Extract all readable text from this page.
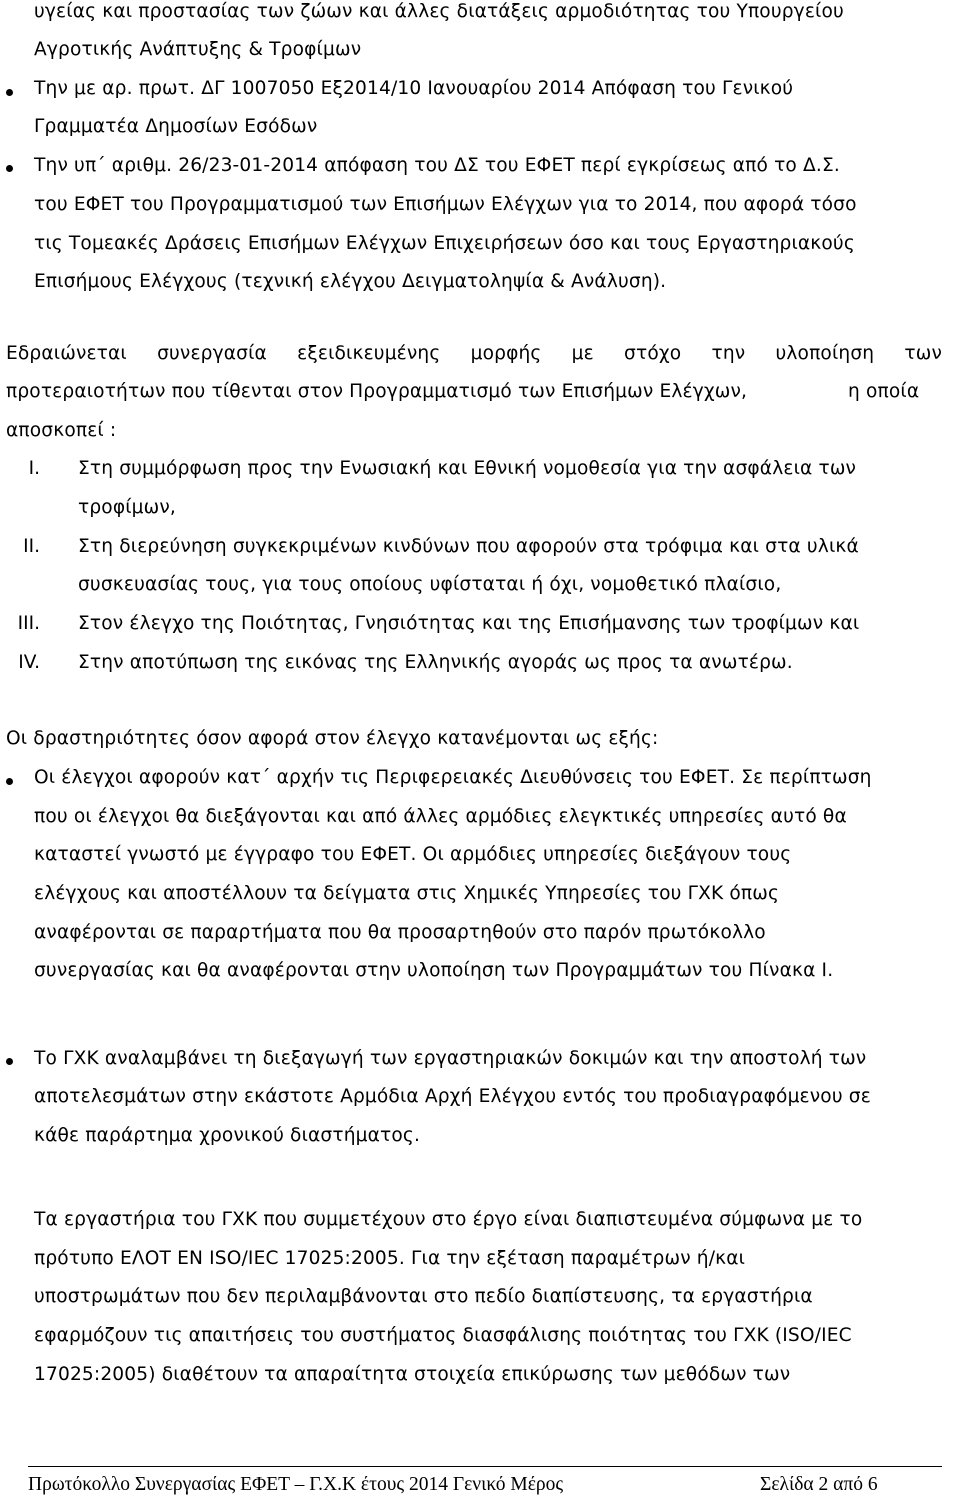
υγείας και προστασίας των ζώων και άλλες διατάξεις αρμοδιότητας του Υπουργείου
Αγροτικής Ανάπτυξης & Τροφίμων
Την με αρ. πρωτ. ΔΓ 1007050 Εξ2014/10 Ιανουαρίου 2014 Απόφαση του Γενικού
Γραμματέα Δημοσίων Εσόδων
Την υπ΄ αριθμ. 26/23-01-2014 απόφαση του ΔΣ του ΕΦΕΤ περί εγκρίσεως από το Δ.Σ.
του ΕΦΕΤ του Προγραμματισμού των Επισήμων Ελέγχων για το 2014, που αφορά τόσο
τις Τομεακές Δράσεις Επισήμων Ελέγχων Επιχειρήσεων όσο και τους Εργαστηριακούς
Επισήμους Ελέγχους (τεχνική ελέγχου Δειγματοληψία & Ανάλυση).
Εδραιώνεται συνεργασία εξειδικευμένης μορφής με στόχο την υλοποίηση των
προτεραιοτήτων που τίθενται στον Προγραμματισμό των Επισήμων Ελέγχων,	η οποία
αποσκοπεί :
I. Στη συμμόρφωση προς την Ενωσιακή και Εθνική νομοθεσία για την ασφάλεια των
τροφίμων,
II. Στη διερεύνηση συγκεκριμένων κινδύνων που αφορούν στα τρόφιμα και στα υλικά
συσκευασίας τους, για τους οποίους υφίσταται ή όχι, νομοθετικό πλαίσιο,
III. Στον έλεγχο της Ποιότητας, Γνησιότητας και της Επισήμανσης των τροφίμων και
IV. Στην αποτύπωση της εικόνας της Ελληνικής αγοράς ως προς τα ανωτέρω.
Οι δραστηριότητες όσον αφορά στον έλεγχο κατανέμονται ως εξής:
Οι έλεγχοι αφορούν κατ΄ αρχήν τις Περιφερειακές Διευθύνσεις του ΕΦΕΤ. Σε περίπτωση
που οι έλεγχοι θα διεξάγονται και από άλλες αρμόδιες ελεγκτικές υπηρεσίες αυτό θα
καταστεί γνωστό με έγγραφο του ΕΦΕΤ. Οι αρμόδιες υπηρεσίες διεξάγουν τους
ελέγχους και αποστέλλουν τα δείγματα στις Χημικές Υπηρεσίες του ΓΧΚ όπως
αναφέρονται σε παραρτήματα που θα προσαρτηθούν στο παρόν πρωτόκολλο
συνεργασίας και θα αναφέρονται στην υλοποίηση των Προγραμμάτων του Πίνακα Ι.
Το ΓΧΚ αναλαμβάνει τη διεξαγωγή των εργαστηριακών δοκιμών και την αποστολή των
αποτελεσμάτων στην εκάστοτε Αρμόδια Αρχή Ελέγχου εντός του προδιαγραφόμενου σε
κάθε παράρτημα χρονικού διαστήματος.
Τα εργαστήρια του ΓΧΚ που συμμετέχουν στο έργο είναι διαπιστευμένα σύμφωνα με το
πρότυπο ΕΛΟΤ EN ISO/IEC 17025:2005. Για την εξέταση παραμέτρων ή/και
υποστρωμάτων που δεν περιλαμβάνονται στο πεδίο διαπίστευσης, τα εργαστήρια
εφαρμόζουν τις απαιτήσεις του συστήματος διασφάλισης ποιότητας του ΓΧΚ (ISO/IEC
17025:2005) διαθέτουν τα απαραίτητα στοιχεία επικύρωσης των μεθόδων των
Πρωτόκολλο Συνεργασίας ΕΦΕΤ – Γ.Χ.Κ έτους 2014 Γενικό Μέρος	Σελίδα 2 από 6
